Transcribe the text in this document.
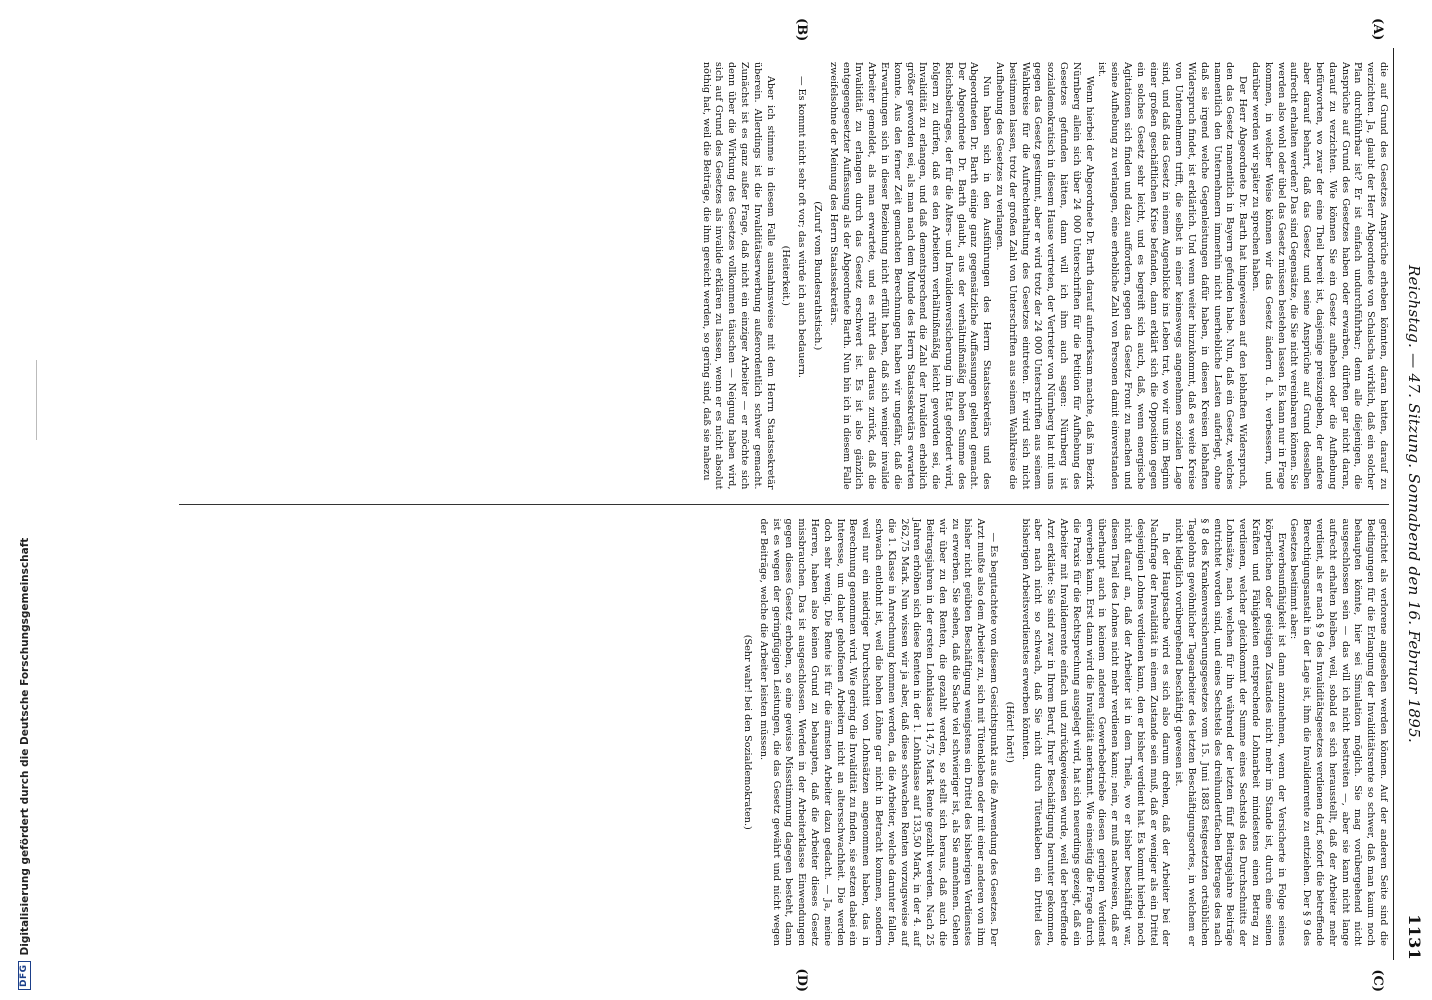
Reichstag. — 47. Sitzung. Sonnabend den 16. Februar 1895.
1131
(A)
(B)
(C)
(D)

die auf Grund des Gesetzes Ansprüche erheben könnten, daran hatten, darauf zu verzichten. Ja, glaubt der Herr Abgeordnete von Schalscha wirklich, daß ein solcher Plan durchführbar ist? Er ist einfach undurchführbar; denn alle diejenigen, die Ansprüche auf Grund des Gesetzes haben oder erwarben, dürften gar nicht daran, darauf zu verzichten. Wie können Sie ein Gesetz aufheben oder die Aufhebung befürworten, wo zwar der eine Theil bereit ist, dasjenige preiszugeben, der andere aber darauf beharrt, daß das Gesetz und seine Ansprüche auf Grund desselben aufrecht erhalten werden? Das sind Gegensätze, die Sie nicht vereinbaren können. Sie werden also wohl oder übel das Gesetz müssen bestehen lassen. Es kann nur in Frage kommen, in welcher Weise können wir das Gesetz ändern d. h. verbessern, und darüber werden wir später zu sprechen haben.

Der Herr Abgeordnete Dr. Barth hat hingewiesen auf den lebhaften Widerspruch, den das Gesetz namentlich in Bayern gefunden habe. Nun, daß ein Gesetz, welches namentlich den Unternehmern immerhin nicht unerhebliche Lasten auferlegt, ohne daß sie irgend welche Gegenleistungen dafür haben, in diesen Kreisen lebhaften Widerspruch findet, ist erklärlich. Und wenn weiter hinzukommt, daß es weite Kreise von Unternehmern trifft, die selbst in einer keineswegs angenehmen sozialen Lage sind, und daß das Gesetz in einem Augenblicke ins Leben trat, wo wir uns im Beginn einer großen geschäftlichen Krise befanden, dann erklärt sich die Opposition gegen ein solches Gesetz sehr leicht, und es begreift sich auch, daß, wenn energische Agitationen sich finden und dazu auffordern, gegen das Gesetz Front zu machen und seine Aufhebung zu verlangen, eine erhebliche Zahl von Personen damit einverstanden ist.

Wenn hierbei der Abgeordnete Dr. Barth darauf aufmerksam machte, daß im Bezirk Nürnberg allein sich über 24 000 Unterschriften für die Petition für Aufhebung des Gesetzes gefunden hätten, dann will ich ihm auch sagen: Nürnberg ist sozialdemokratisch in diesem Hause vertreten, der Vertreter von Nürnberg hat mit uns gegen das Gesetz gestimmt, aber er wird trotz der 24 000 Unterschriften aus seinem Wahlkreise für die Aufrechterhaltung des Gesetzes eintreten. Er wird sich nicht bestimmen lassen, trotz der großen Zahl von Unterschriften aus seinem Wahlkreise die Aufhebung des Gesetzes zu verlangen.

Nun haben sich in den Ausführungen des Herrn Staatssekretärs und des Abgeordneten Dr. Barth einige ganz gegensätzliche Auffassungen geltend gemacht. Der Abgeordnete Dr. Barth glaubt, aus der verhältnißmäßig hohen Summe des Reichsbeitrages, der für die Alters- und Invalidenversicherung im Etat gefordert wird, folgern zu dürfen, daß es den Arbeitern verhältnißmäßig leicht geworden sei, die Invalidität zu erlangen, und daß dementsprechend die Zahl der Invaliden erheblich größer geworden sei, als man nach dem Munde des Herrn Staatssekretärs erwarten konnte. Aus den ferner Zeit gemachten Berechnungen haben wir ungefähr, daß die Erwartungen sich in dieser Beziehung nicht erfüllt haben, daß sich weniger invalide Arbeiter gemeldet, als man erwartete, und es rührt das daraus zurück, daß die Invalidität zu erlangen durch das Gesetz erschwert ist. Es ist also gänzlich entgegengesetzter Auffassung als der Abgeordnete Barth. Nun bin ich in diesem Falle zweifelsohne der Meinung des Herrn Staatssekretärs.

(Zuruf vom Bundesrathstisch.)

— Es kommt nicht sehr oft vor; das würde ich auch bedauern.

(Heiterkeit.)

Aber ich stimme in diesem Falle ausnahmsweise mit dem Herrn Staatssekretär überein. Allerdings ist die Invaliditätserwerbung außerordentlich schwer gemacht. Zunächst ist es ganz außer Frage, daß nicht ein einziger Arbeiter — er möchte sich denn über die Wirkung des Gesetzes vollkommen täuschen — Neigung haben wird, sich auf Grund des Gesetzes als invalide erklären zu lassen, wenn er es nicht absolut nöthig hat, weil die Beiträge, die ihm gereicht werden, so gering sind, daß sie nahezu

gerichtet als verlorene angesehen werden können. Auf der anderen Seite sind die Bedingungen für die Erlangung der Invaliditätsrente so schwer, daß man kaum noch behaupten könnte, hier sei Simulation möglich. Sie mag vorübergehend nicht ausgeschlossen sein — das will ich nicht bestreiten —, aber sie kann nicht lange aufrecht erhalten bleiben, weil, sobald es sich herausstellt, daß der Arbeiter mehr verdient, als er nach § 9 des Invaliditätsgesetzes verdienen darf, sofort die betreffende Berechtigungsanstalt in der Lage ist, ihm die Invalidenrente zu entziehen. Der § 9 des Gesetzes bestimmt aber:

Erwerbsunfähigkeit ist dann anzunehmen, wenn der Versicherte in Folge seines körperlichen oder geistigen Zustandes nicht mehr im Stande ist, durch eine seinen Kräften und Fähigkeiten entsprechende Lohnarbeit mindestens einen Betrag zu verdienen, welcher gleichkommt der Summe eines Sechstels des Durchschnitts der Lohnsätze, nach welchen für ihn während der letzten fünf Beitragsjahre Beiträge entrichtet worden sind, und eines Sechstels des dreihundertfachen Betrages des nach § 8 des Krankenversicherungsgesetzes vom 15. Juni 1883 festgesetzten ortsüblichen Tagelohns gewöhnlicher Tagearbeiter des letzten Beschäftigungsortes, in welchem er nicht lediglich vorübergehend beschäftigt gewesen ist.

In der Hauptsache wird es sich also darum drehen, daß der Arbeiter bei der Nachfrage der Invalidität in einem Zustande sein muß, daß er weniger als ein Drittel desjenigen Lohnes verdienen kann, den er bisher verdient hat. Es kommt hierbei noch nicht darauf an, daß der Arbeiter ist in dem Theile, wo er bisher beschäftigt war, diesen Theil des Lohnes nicht mehr verdienen kann; nein, er muß nachweisen, daß er überhaupt auch in keinem anderen Gewerbebetriebe diesen geringen Verdienst erwerben kann. Erst dann wird die Invalidität anerkannt. Wie einseitig die Frage durch die Praxis für die Rechtsprechung ausgelegt wird, hat sich neuerdings gezeigt, daß ein Arbeiter mit Invalidenrente einfach und zurückgewiesen wurde, weil der betreffende Arzt erklärte: Sie sind zwar in Ihrem Beruf, Ihrer Beschäftigung herunter gekommen, aber nach nicht so schwach, daß Sie nicht durch Tütenkleben ein Drittel des bisherigen Arbeitsverdienstes erwerben könnten.

(Hört! hört!)

— Es begutachtete von diesem Gesichtspunkt aus die Anwendung des Gesetzes. Der Arzt mußte also dem Arbeiter zu, sich mit Tütenkleben oder mit einer anderen von ihm bisher nicht geübten Beschäftigung wenigstens ein Drittel des bisherigen Verdienstes zu erwerben. Sie sehen, daß die Sache viel schwieriger ist, als Sie annehmen. Gehen wir über zu den Renten, die gezahlt werden, so stellt sich heraus, daß auch die Beitragsjahren in der ersten Lohnklasse 114,75 Mark Rente gezahlt werden. Nach 25 Jahren erhöhen sich diese Renten in der 1. Lohnklasse auf 133,50 Mark, in der 4. auf 262,75 Mark. Nun wissen wir ja aber, daß diese schwachen Renten vorzugsweise auf die 1. Klasse in Anrechnung kommen werden, da die Arbeiter, welche darunter fallen, schwach entlohnt ist, weil die hohen Löhne gar nicht in Betracht kommen, sondern weil nur ein niedriger Durchschnitt von Lohnsätzen angenommen haben, das in Berechnung genommen wird. Wie gering die Invalidität zu finden, sie setzen dabei ein Interesse, um daher geholfenen Arbeitern nicht an altersschwachheit. Die werden doch sehr wenig. Die Rente ist für die ärmsten Arbeiter dazu gedacht. — Ja, meine Herren, haben also keinen Grund zu behaupten, daß die Arbeiter dieses Gesetz missbrauchen. Das ist ausgeschlossen. Werden in der Arbeiterklasse Einwendungen gegen dieses Gesetz erhoben, so eine gewisse Missstimmung dagegen besteht, dann ist es wegen der geringfügigen Leistungen, die das Gesetz gewährt und nicht wegen der Beiträge, welche die Arbeiter leisten müssen.

(Sehr wahr! bei den Sozialdemokraten.)

DFG
Digitalisierung gefördert durch die Deutsche Forschungsgemeinschaft
